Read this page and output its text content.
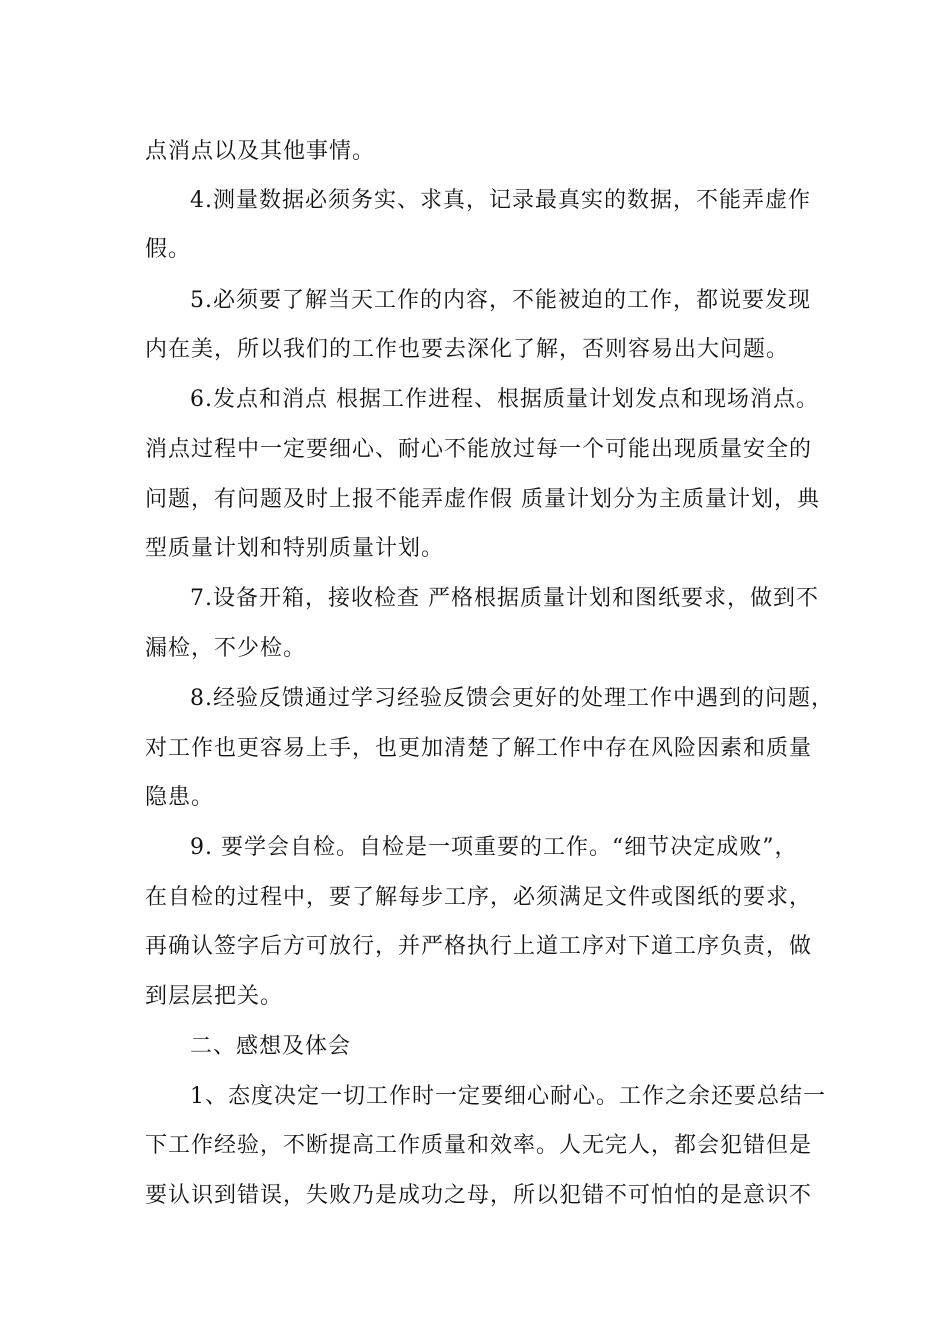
点消点以及其他事情。
4.测量数据必须务实、求真，记录最真实的数据，不能弄虚作
假。
5.必须要了解当天工作的内容，不能被迫的工作，都说要发现
内在美，所以我们的工作也要去深化了解，否则容易出大问题。
6.发点和消点 根据工作进程、根据质量计划发点和现场消点。
消点过程中一定要细心、耐心不能放过每一个可能出现质量安全的
问题，有问题及时上报不能弄虚作假 质量计划分为主质量计划，典
型质量计划和特别质量计划。
7.设备开箱，接收检查 严格根据质量计划和图纸要求，做到不
漏检，不少检。
8.经验反馈通过学习经验反馈会更好的处理工作中遇到的问题，
对工作也更容易上手，也更加清楚了解工作中存在风险因素和质量
隐患。
9. 要学会自检。自检是一项重要的工作。“细节决定成败”，
在自检的过程中，要了解每步工序，必须满足文件或图纸的要求，
再确认签字后方可放行，并严格执行上道工序对下道工序负责，做
到层层把关。
二、感想及体会
1、态度决定一切工作时一定要细心耐心。工作之余还要总结一
下工作经验，不断提高工作质量和效率。人无完人，都会犯错但是
要认识到错误，失败乃是成功之母，所以犯错不可怕怕的是意识不
